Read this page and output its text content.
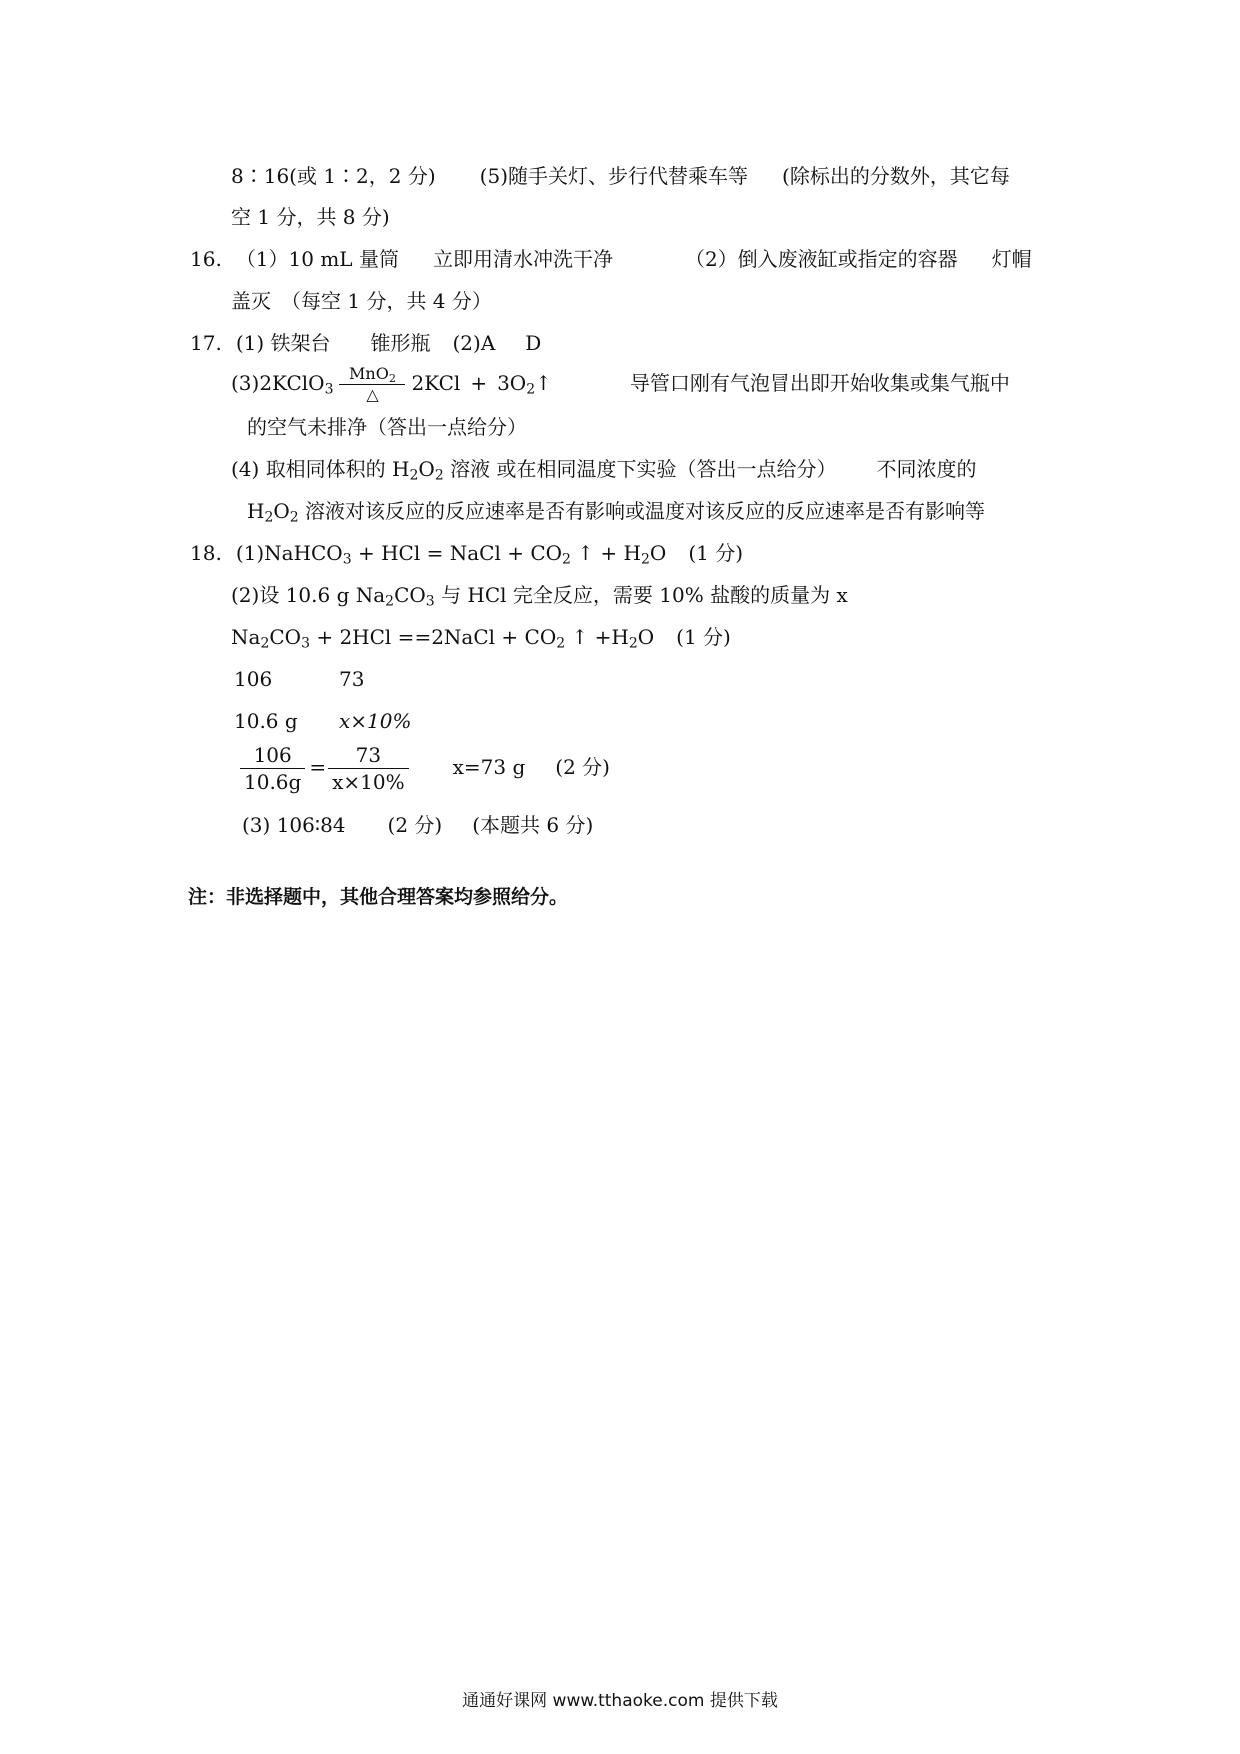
8∶16(或 1∶2，2 分) (5)随手关灯、步行代替乘车等 (除标出的分数外，其它每
空 1 分，共 8 分)
16. （1）10 mL 量筒 立即用清水冲洗干净	（2）倒入废液缸或指定的容器 灯帽
盖灭　（每空 1 分，共 4 分）
17. (1) 铁架台 锥形瓶 (2)A D
(3)2KClO$_3$
MnO$_2$
△	$2KCl + 3O_2↑$	导管口刚有气泡冒出即开始收集或集气瓶中
的空气未排净（答出一点给分）
(4) 取相同体积的 $H_2O_2$ 溶液 或在相同温度下实验（答出一点给分） 不同浓度的
$H_2O_2$ 溶液对该反应的反应速率是否有影响或温度对该反应的反应速率是否有影响等
18. (1)NaHCO$_3$ + HCl = NaCl + $CO_2$ ↑ + $H_2O$ (1 分)
(2)设 10.6 g $Na_2CO_3$ 与 HCl 完全反应，需要 10% 盐酸的质量为 x
$Na_2CO_3 + 2HCl$ ==2NaCl + $CO_2$ ↑ $+H_2O$ (1 分)
106	73
10.6 g x×10%
$\frac{106}{10.6g} = \frac{73}{x\times 10\%} x=73$ g (2 分)
(3) 106∶84 (2 分) (本题共 6 分)
注：非选择题中，其他合理答案均参照给分。
通通好课网 www.tthaoke.com 提供下载
